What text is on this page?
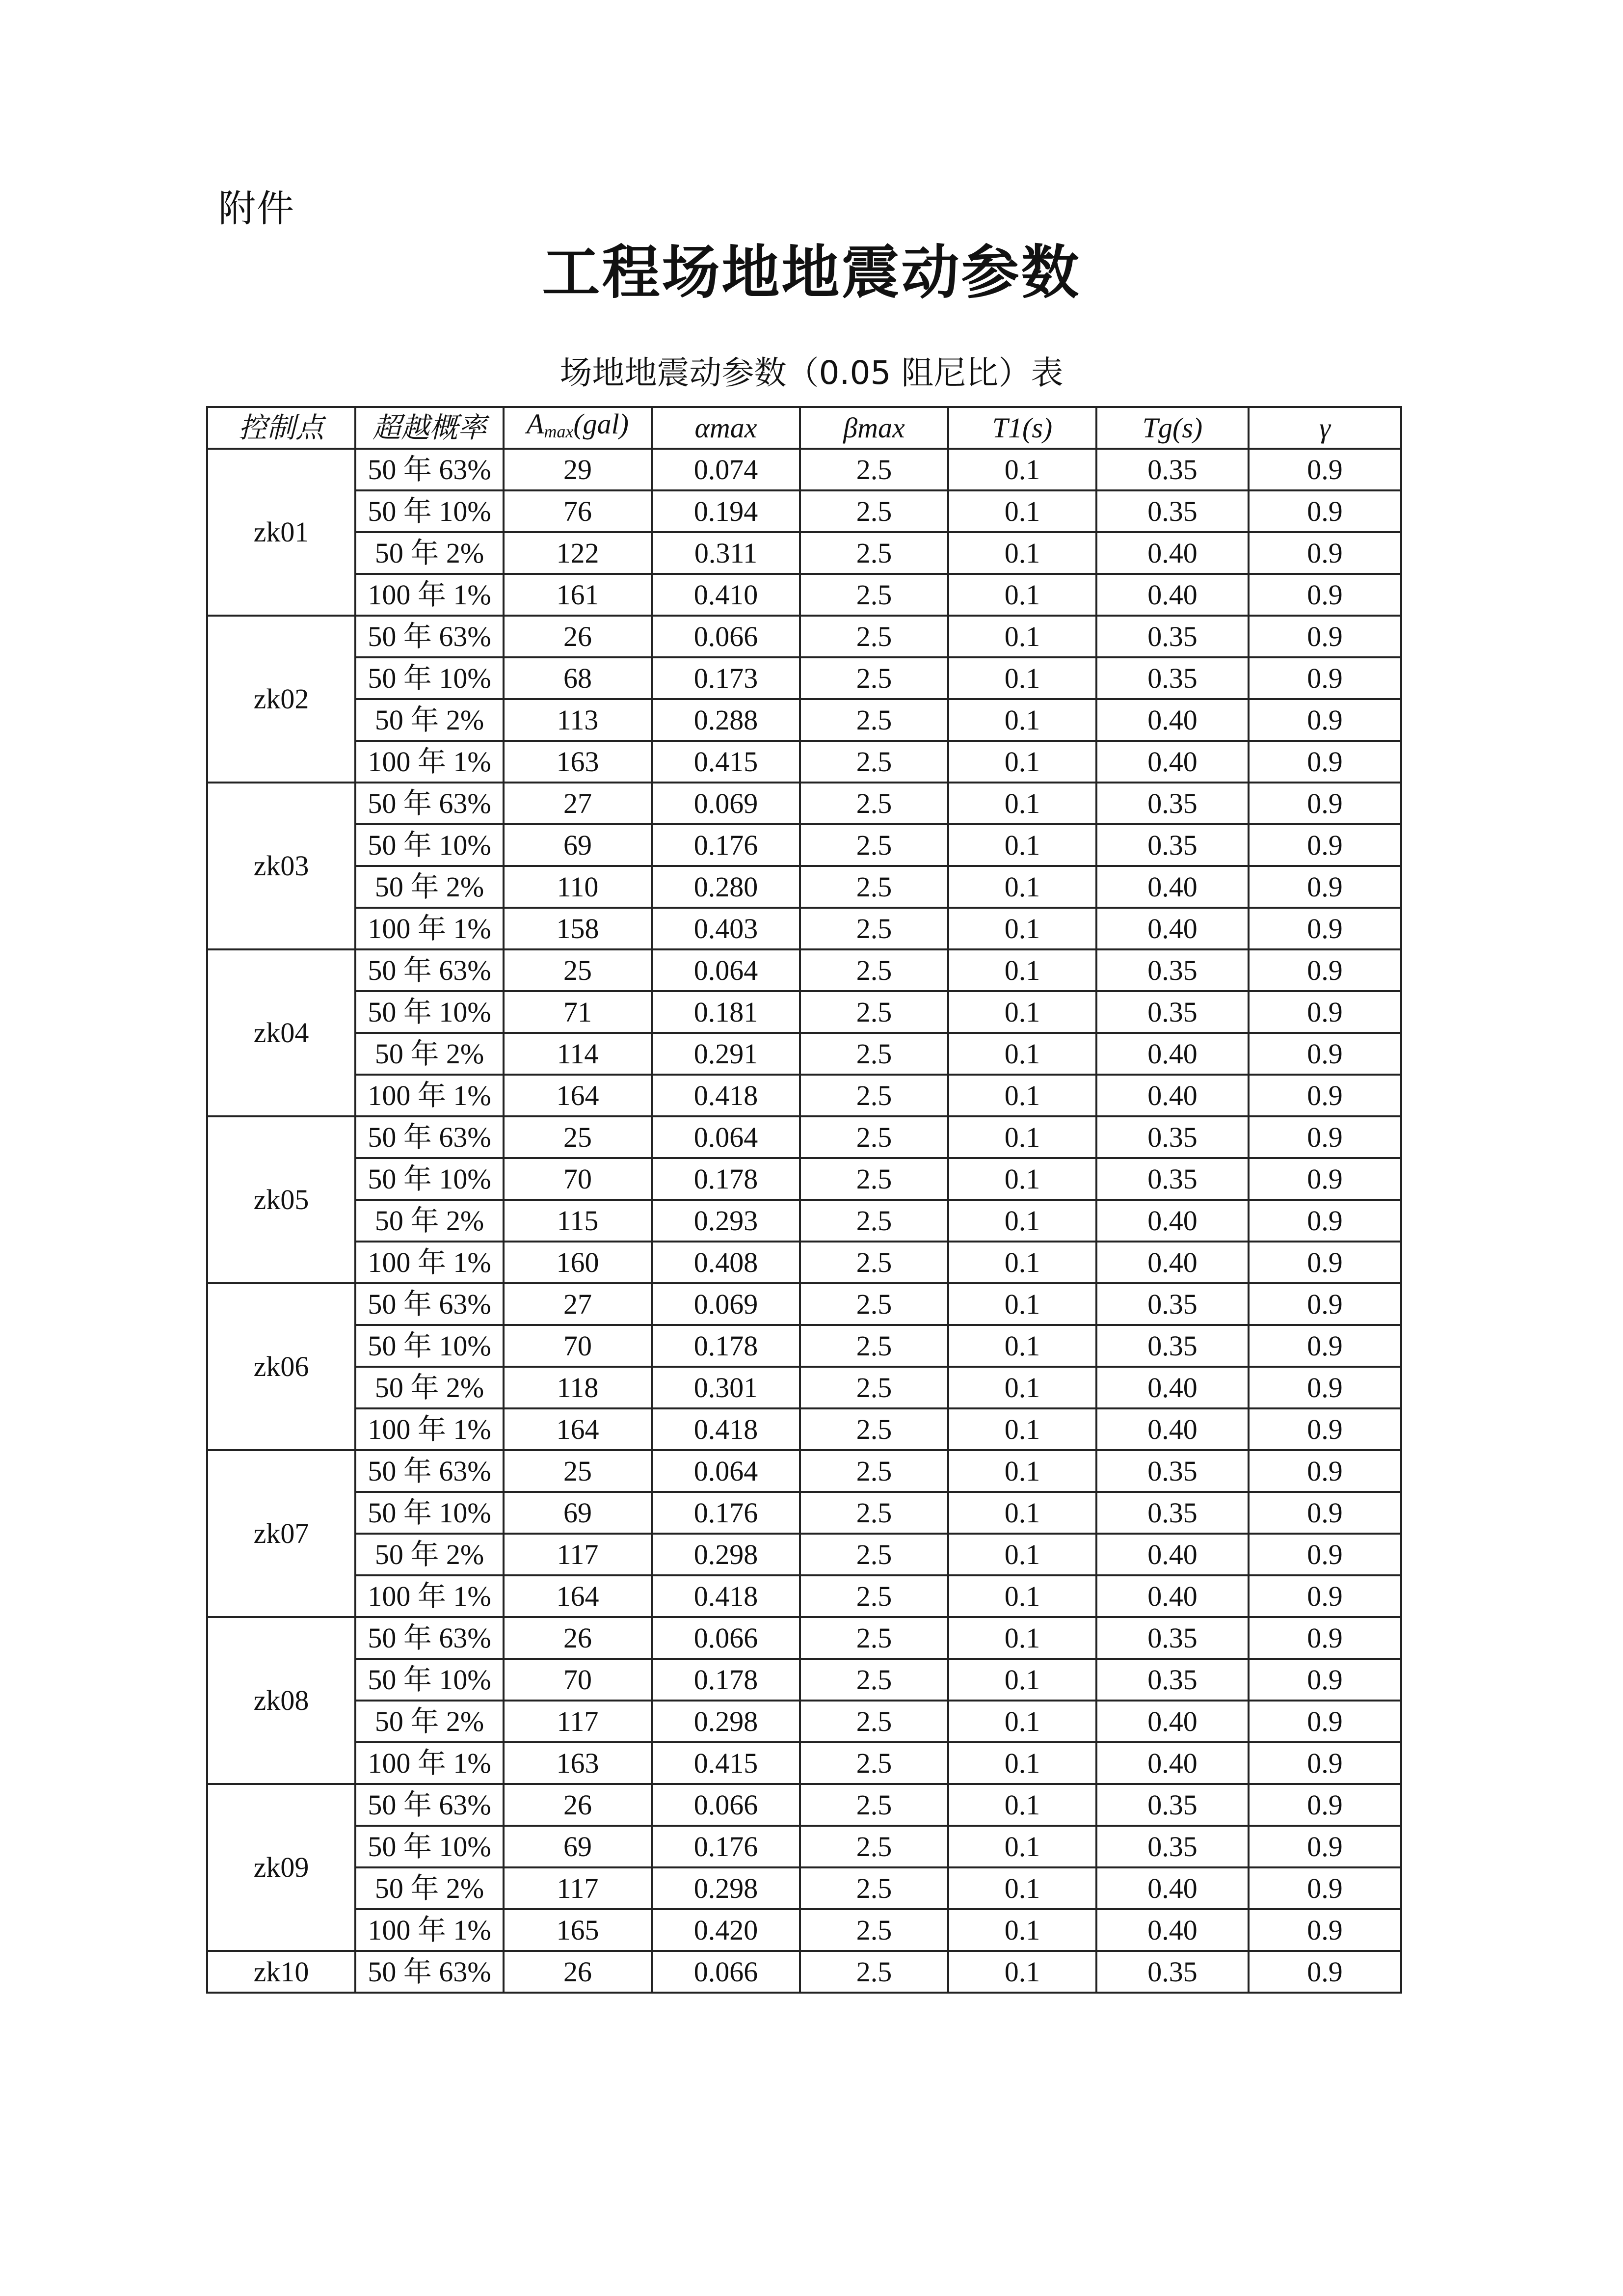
附件
工程场地地震动参数
场地地震动参数（0.05 阻尼比）表
控制点	超越概率	$A_{max}(gal)$	αmax	βmax	T1(s)	Tg(s)	γ
zk01	50 年 63%	29	0.074	2.5	0.1	0.35	0.9
	50 年 10%	76	0.194	2.5	0.1	0.35	0.9
	50 年 2%	122	0.311	2.5	0.1	0.40	0.9
	100 年 1%	161	0.410	2.5	0.1	0.40	0.9
zk02	50 年 63%	26	0.066	2.5	0.1	0.35	0.9
	50 年 10%	68	0.173	2.5	0.1	0.35	0.9
	50 年 2%	113	0.288	2.5	0.1	0.40	0.9
	100 年 1%	163	0.415	2.5	0.1	0.40	0.9
zk03	50 年 63%	27	0.069	2.5	0.1	0.35	0.9
	50 年 10%	69	0.176	2.5	0.1	0.35	0.9
	50 年 2%	110	0.280	2.5	0.1	0.40	0.9
	100 年 1%	158	0.403	2.5	0.1	0.40	0.9
zk04	50 年 63%	25	0.064	2.5	0.1	0.35	0.9
	50 年 10%	71	0.181	2.5	0.1	0.35	0.9
	50 年 2%	114	0.291	2.5	0.1	0.40	0.9
	100 年 1%	164	0.418	2.5	0.1	0.40	0.9
zk05	50 年 63%	25	0.064	2.5	0.1	0.35	0.9
	50 年 10%	70	0.178	2.5	0.1	0.35	0.9
	50 年 2%	115	0.293	2.5	0.1	0.40	0.9
	100 年 1%	160	0.408	2.5	0.1	0.40	0.9
zk06	50 年 63%	27	0.069	2.5	0.1	0.35	0.9
	50 年 10%	70	0.178	2.5	0.1	0.35	0.9
	50 年 2%	118	0.301	2.5	0.1	0.40	0.9
	100 年 1%	164	0.418	2.5	0.1	0.40	0.9
zk07	50 年 63%	25	0.064	2.5	0.1	0.35	0.9
	50 年 10%	69	0.176	2.5	0.1	0.35	0.9
	50 年 2%	117	0.298	2.5	0.1	0.40	0.9
	100 年 1%	164	0.418	2.5	0.1	0.40	0.9
zk08	50 年 63%	26	0.066	2.5	0.1	0.35	0.9
	50 年 10%	70	0.178	2.5	0.1	0.35	0.9
	50 年 2%	117	0.298	2.5	0.1	0.40	0.9
	100 年 1%	163	0.415	2.5	0.1	0.40	0.9
zk09	50 年 63%	26	0.066	2.5	0.1	0.35	0.9
	50 年 10%	69	0.176	2.5	0.1	0.35	0.9
	50 年 2%	117	0.298	2.5	0.1	0.40	0.9
	100 年 1%	165	0.420	2.5	0.1	0.40	0.9
zk10	50 年 63%	26	0.066	2.5	0.1	0.35	0.9
